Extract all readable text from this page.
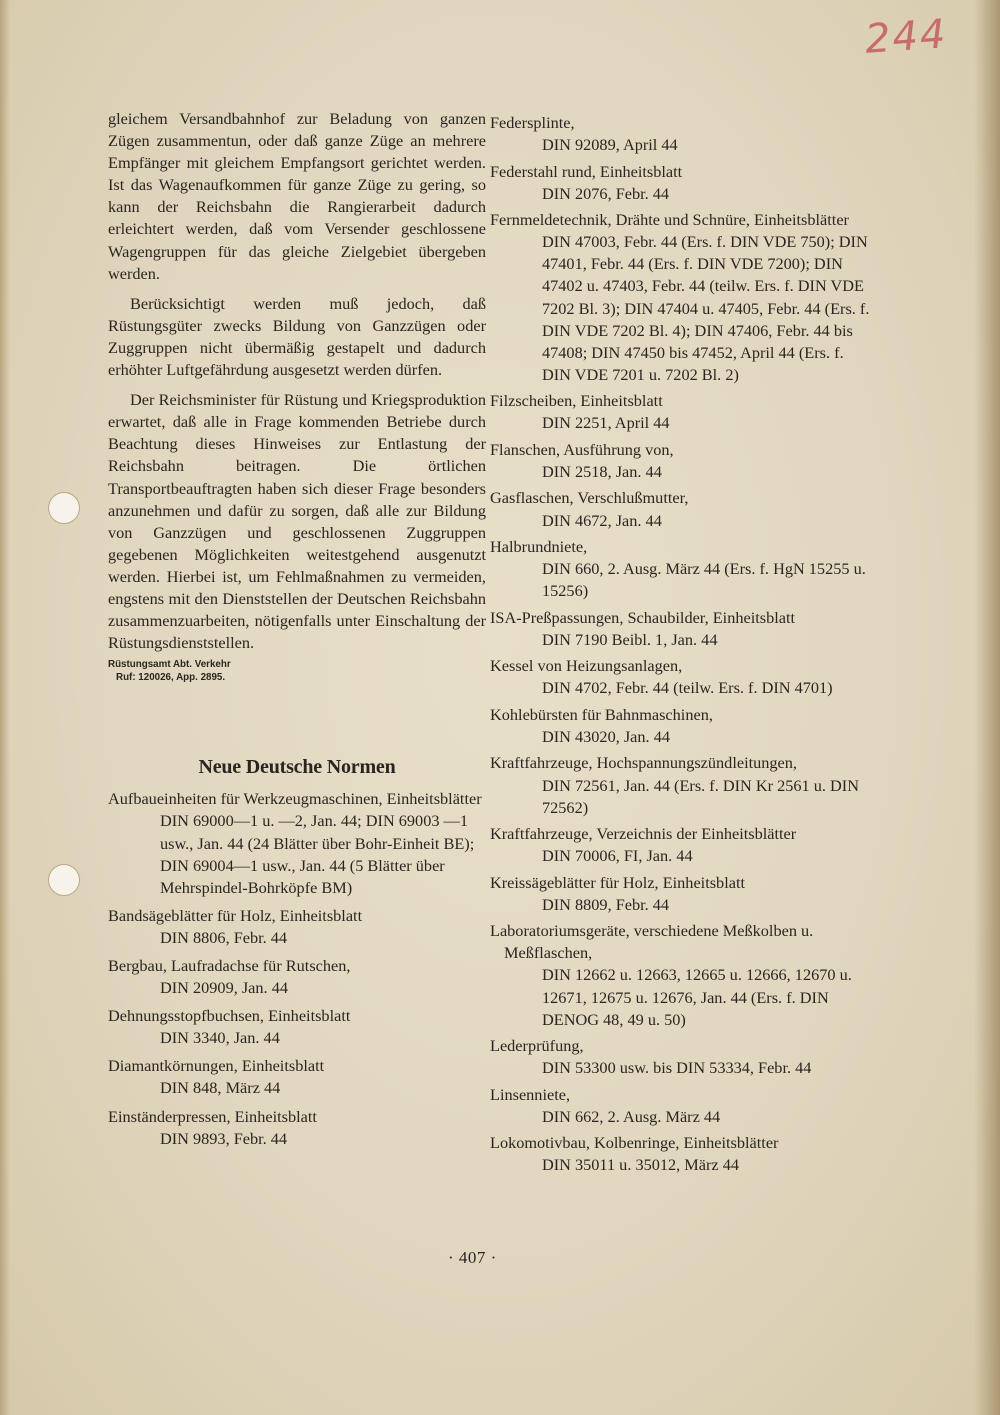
244

gleichem Versandbahnhof zur Beladung von ganzen Zügen zusammentun, oder daß ganze Züge an mehrere Empfänger mit gleichem Empfangsort gerichtet werden. Ist das Wagenaufkommen für ganze Züge zu gering, so kann der Reichsbahn die Rangierarbeit dadurch erleichtert werden, daß vom Versender geschlossene Wagengruppen für das gleiche Zielgebiet übergeben werden.

Berücksichtigt werden muß jedoch, daß Rüstungsgüter zwecks Bildung von Ganzzügen oder Zuggruppen nicht übermäßig gestapelt und dadurch erhöhter Luftgefährdung ausgesetzt werden dürfen.

Der Reichsminister für Rüstung und Kriegsproduktion erwartet, daß alle in Frage kommenden Betriebe durch Beachtung dieses Hinweises zur Entlastung der Reichsbahn beitragen. Die örtlichen Transportbeauftragten haben sich dieser Frage besonders anzunehmen und dafür zu sorgen, daß alle zur Bildung von Ganzzügen und geschlossenen Zuggruppen gegebenen Möglichkeiten weitestgehend ausgenutzt werden. Hierbei ist, um Fehlmaßnahmen zu vermeiden, engstens mit den Dienststellen der Deutschen Reichsbahn zusammenzuarbeiten, nötigenfalls unter Einschaltung der Rüstungsdienststellen.

Rüstungsamt Abt. Verkehr
Ruf: 120026, App. 2895.
Neue Deutsche Normen
Aufbaueinheiten für Werkzeugmaschinen, Einheitsblätter
DIN 69000—1 u. —2, Jan. 44; DIN 69003 —1 usw., Jan. 44 (24 Blätter über Bohr-Einheit BE); DIN 69004—1 usw., Jan. 44 (5 Blätter über Mehrspindel-Bohrköpfe BM)
Bandsägeblätter für Holz, Einheitsblatt
DIN 8806, Febr. 44
Bergbau, Laufradachse für Rutschen,
DIN 20909, Jan. 44
Dehnungsstopfbuchsen, Einheitsblatt
DIN 3340, Jan. 44
Diamantkörnungen, Einheitsblatt
DIN 848, März 44
Einständerpressen, Einheitsblatt
DIN 9893, Febr. 44
Federsplinte,
DIN 92089, April 44
Federstahl rund, Einheitsblatt
DIN 2076, Febr. 44
Fernmeldetechnik, Drähte und Schnüre, Einheitsblätter
DIN 47003, Febr. 44 (Ers. f. DIN VDE 750); DIN 47401, Febr. 44 (Ers. f. DIN VDE 7200); DIN 47402 u. 47403, Febr. 44 (teilw. Ers. f. DIN VDE 7202 Bl. 3); DIN 47404 u. 47405, Febr. 44 (Ers. f. DIN VDE 7202 Bl. 4); DIN 47406, Febr. 44 bis 47408; DIN 47450 bis 47452, April 44 (Ers. f. DIN VDE 7201 u. 7202 Bl. 2)
Filzscheiben, Einheitsblatt
DIN 2251, April 44
Flanschen, Ausführung von,
DIN 2518, Jan. 44
Gasflaschen, Verschlußmutter,
DIN 4672, Jan. 44
Halbrundniete,
DIN 660, 2. Ausg. März 44 (Ers. f. HgN 15255 u. 15256)
ISA-Preßpassungen, Schaubilder, Einheitsblatt
DIN 7190 Beibl. 1, Jan. 44
Kessel von Heizungsanlagen,
DIN 4702, Febr. 44 (teilw. Ers. f. DIN 4701)
Kohlebürsten für Bahnmaschinen,
DIN 43020, Jan. 44
Kraftfahrzeuge, Hochspannungszündleitungen,
DIN 72561, Jan. 44 (Ers. f. DIN Kr 2561 u. DIN 72562)
Kraftfahrzeuge, Verzeichnis der Einheitsblätter
DIN 70006, FI, Jan. 44
Kreissägeblätter für Holz, Einheitsblatt
DIN 8809, Febr. 44
Laboratoriumsgeräte, verschiedene Meßkolben u. Meßflaschen,
DIN 12662 u. 12663, 12665 u. 12666, 12670 u. 12671, 12675 u. 12676, Jan. 44 (Ers. f. DIN DENOG 48, 49 u. 50)
Lederprüfung,
DIN 53300 usw. bis DIN 53334, Febr. 44
Linsenniete,
DIN 662, 2. Ausg. März 44
Lokomotivbau, Kolbenringe, Einheitsblätter
DIN 35011 u. 35012, März 44
· 407 ·
